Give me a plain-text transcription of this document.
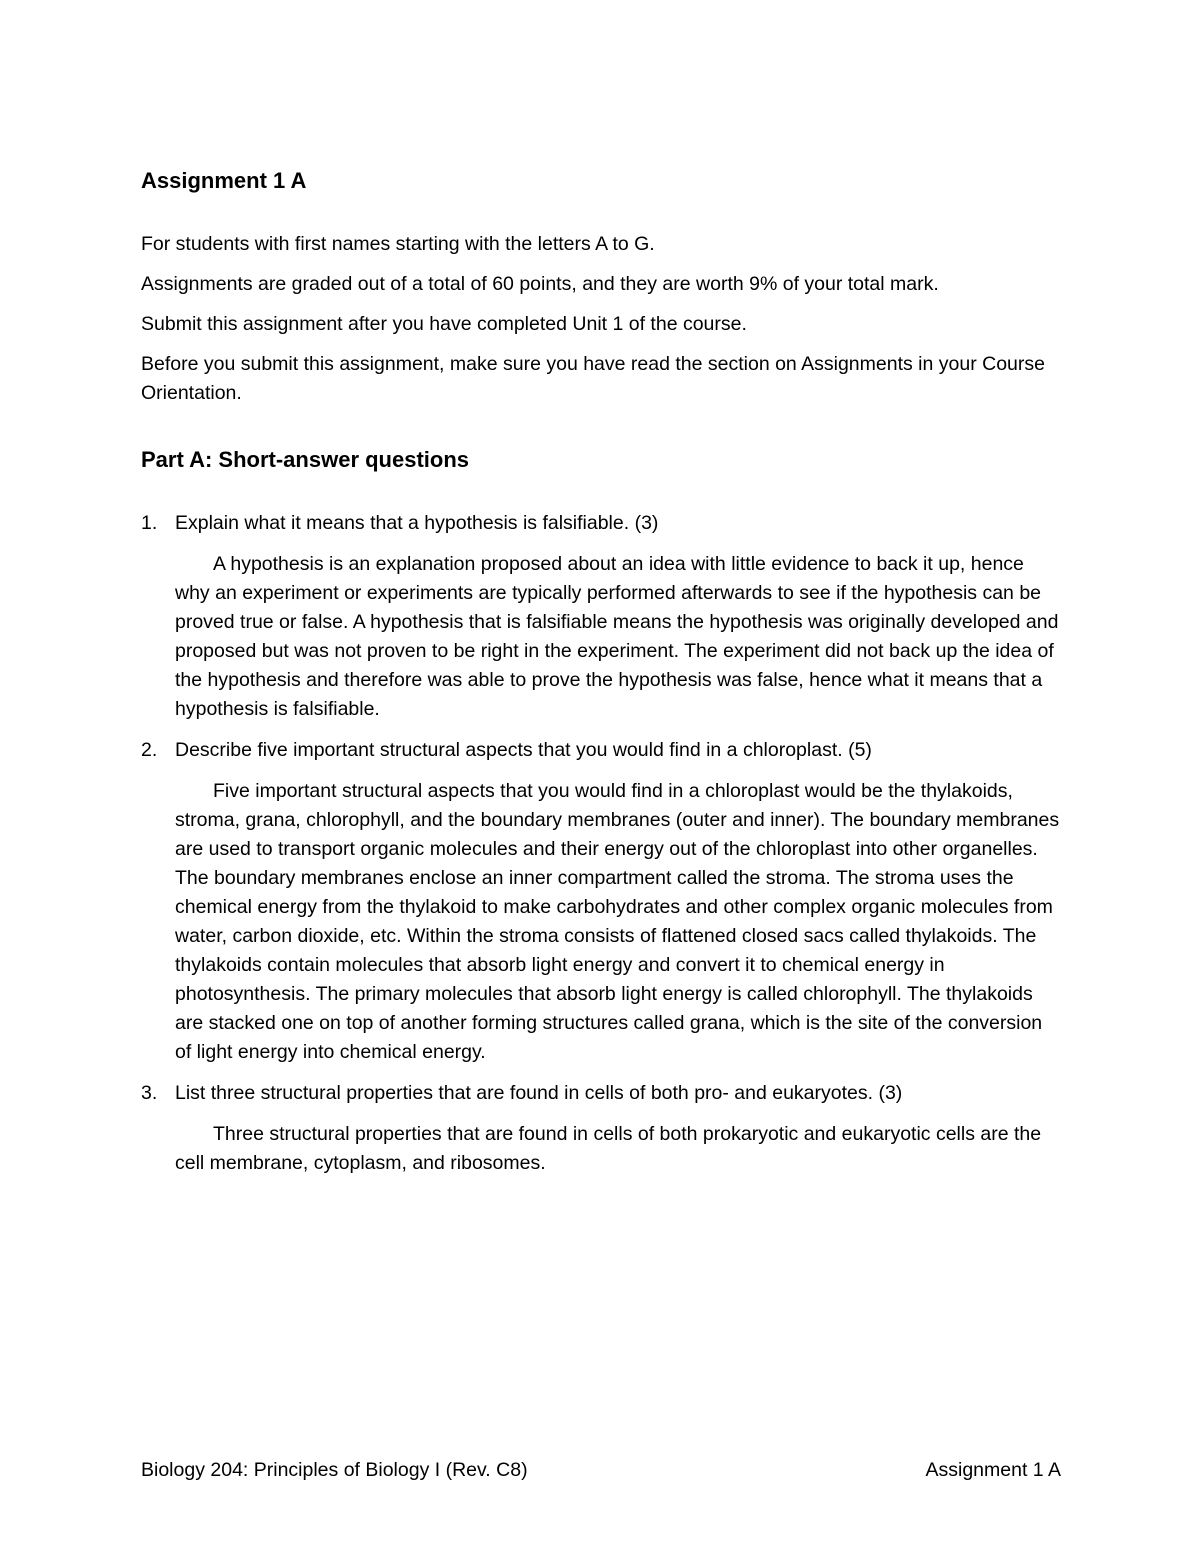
Assignment 1 A

For students with first names starting with the letters A to G.

Assignments are graded out of a total of 60 points, and they are worth 9% of your total mark.

Submit this assignment after you have completed Unit 1 of the course.

Before you submit this assignment, make sure you have read the section on Assignments in your Course Orientation.

Part A: Short-answer questions
1. Explain what it means that a hypothesis is falsifiable. (3)

A hypothesis is an explanation proposed about an idea with little evidence to back it up, hence why an experiment or experiments are typically performed afterwards to see if the hypothesis can be proved true or false. A hypothesis that is falsifiable means the hypothesis was originally developed and proposed but was not proven to be right in the experiment. The experiment did not back up the idea of the hypothesis and therefore was able to prove the hypothesis was false, hence what it means that a hypothesis is falsifiable.

2. Describe five important structural aspects that you would find in a chloroplast. (5)

Five important structural aspects that you would find in a chloroplast would be the thylakoids, stroma, grana, chlorophyll, and the boundary membranes (outer and inner). The boundary membranes are used to transport organic molecules and their energy out of the chloroplast into other organelles. The boundary membranes enclose an inner compartment called the stroma. The stroma uses the chemical energy from the thylakoid to make carbohydrates and other complex organic molecules from water, carbon dioxide, etc. Within the stroma consists of flattened closed sacs called thylakoids. The thylakoids contain molecules that absorb light energy and convert it to chemical energy in photosynthesis. The primary molecules that absorb light energy is called chlorophyll. The thylakoids are stacked one on top of another forming structures called grana, which is the site of the conversion of light energy into chemical energy.

3. List three structural properties that are found in cells of both pro- and eukaryotes. (3)

Three structural properties that are found in cells of both prokaryotic and eukaryotic cells are the cell membrane, cytoplasm, and ribosomes.

Biology 204: Principles of Biology I (Rev. C8)	Assignment 1 A
